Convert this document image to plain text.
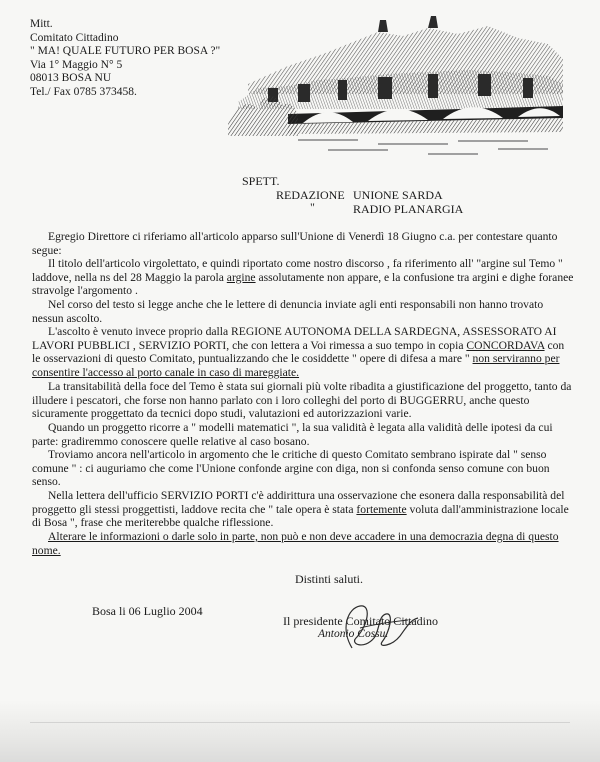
Mitt.
Comitato Cittadino
" MA! QUALE FUTURO PER BOSA ?"
Via 1° Maggio N° 5
08013 BOSA NU
Tel./ Fax 0785 373458.
SPETT.
REDAZIONE UNIONE SARDA
"	RADIO PLANARGIA
Egregio Direttore ci riferiamo all'articolo apparso sull'Unione di Venerdì 18 Giugno c.a. per contestare quanto segue:
Il titolo dell'articolo virgolettato, e quindi riportato come nostro discorso , fa riferimento all' "argine sul Temo " laddove, nella ns del 28 Maggio la parola argine assolutamente non appare, e la confusione tra argini e dighe foranee stravolge l'argomento .
Nel corso del testo si legge anche che le lettere di denuncia inviate agli enti responsabili non hanno trovato nessun ascolto.
L'ascolto è venuto invece proprio dalla REGIONE AUTONOMA DELLA SARDEGNA, ASSESSORATO AI LAVORI PUBBLICI , SERVIZIO PORTI, che con lettera a Voi rimessa a suo tempo in copia CONCORDAVA con le osservazioni di questo Comitato, puntualizzando che le cosiddette " opere di difesa a mare " non serviranno per consentire l'accesso al porto canale in caso di mareggiate.
La transitabilità della foce del Temo è stata sui giornali più volte ribadita a giustificazione del proggetto, tanto da illudere i pescatori, che forse non hanno parlato con i loro colleghi del porto di BUGGERRU, anche questo sicuramente proggettato da tecnici dopo studi, valutazioni ed autorizzazioni varie.
Quando un proggetto ricorre a " modelli matematici ", la sua validità è legata alla validità delle ipotesi da cui parte: gradiremmo conoscere quelle relative al caso bosano.
Troviamo ancora nell'articolo in argomento che le critiche di questo Comitato sembrano ispirate dal " senso comune " : ci auguriamo che come l'Unione confonde argine con diga, non si confonda senso comune con buon senso.
Nella lettera dell'ufficio SERVIZIO PORTI c'è addirittura una osservazione che esonera dalla responsabilità del proggetto gli stessi proggettisti, laddove recita che " tale opera è stata fortemente voluta dall'amministrazione locale di Bosa ", frase che meriterebbe qualche riflessione.
Alterare le informazioni o darle solo in parte, non può e non deve accadere in una democrazia degna di questo nome.
Distinti saluti.
Bosa li 06 Luglio 2004
Il presidente Comitato Cittadino
Antonio Cossu.
